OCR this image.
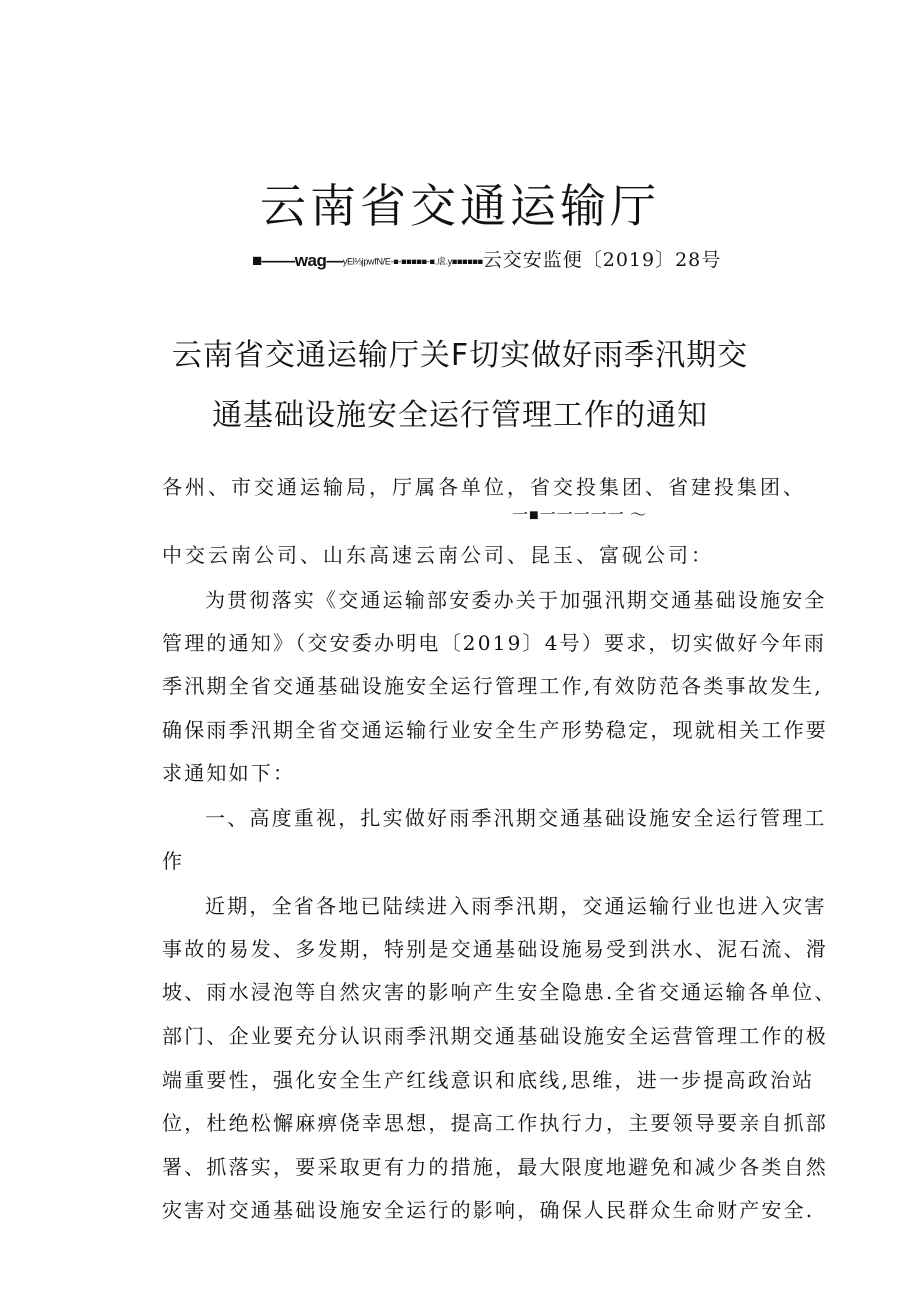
云南省交通运输厅
■——wag—yEl⅓jpwfN/E-■-■■■■■-■.虐.y■■■■■■云交安监便〔2019〕28号
云南省交通运输厅关F切实做好雨季汛期交
通基础设施安全运行管理工作的通知
各州、市交通运输局，厅属各单位，省交投集团、省建投集团、
一■一一一一一 ～
中交云南公司、山东高速云南公司、昆玉、富砚公司：
为贯彻落实《交通运输部安委办关于加强汛期交通基础设施安全
管理的通知》（交安委办明电〔2019〕4号）要求，切实做好今年雨
季汛期全省交通基础设施安全运行管理工作,有效防范各类事故发生,
确保雨季汛期全省交通运输行业安全生产形势稳定，现就相关工作要
求通知如下：
一、高度重视，扎实做好雨季汛期交通基础设施安全运行管理工
作
近期，全省各地已陆续进入雨季汛期，交通运输行业也进入灾害
事故的易发、多发期，特别是交通基础设施易受到洪水、泥石流、滑
坡、雨水浸泡等自然灾害的影响产生安全隐患.全省交通运输各单位、
部门、企业要充分认识雨季汛期交通基础设施安全运营管理工作的极
端重要性，强化安全生产红线意识和底线,思维，进一步提高政治站
位，杜绝松懈麻痹侥幸思想，提高工作执行力，主要领导要亲自抓部
署、抓落实，要采取更有力的措施，最大限度地避免和减少各类自然
灾害对交通基础设施安全运行的影响，确保人民群众生命财产安全.
